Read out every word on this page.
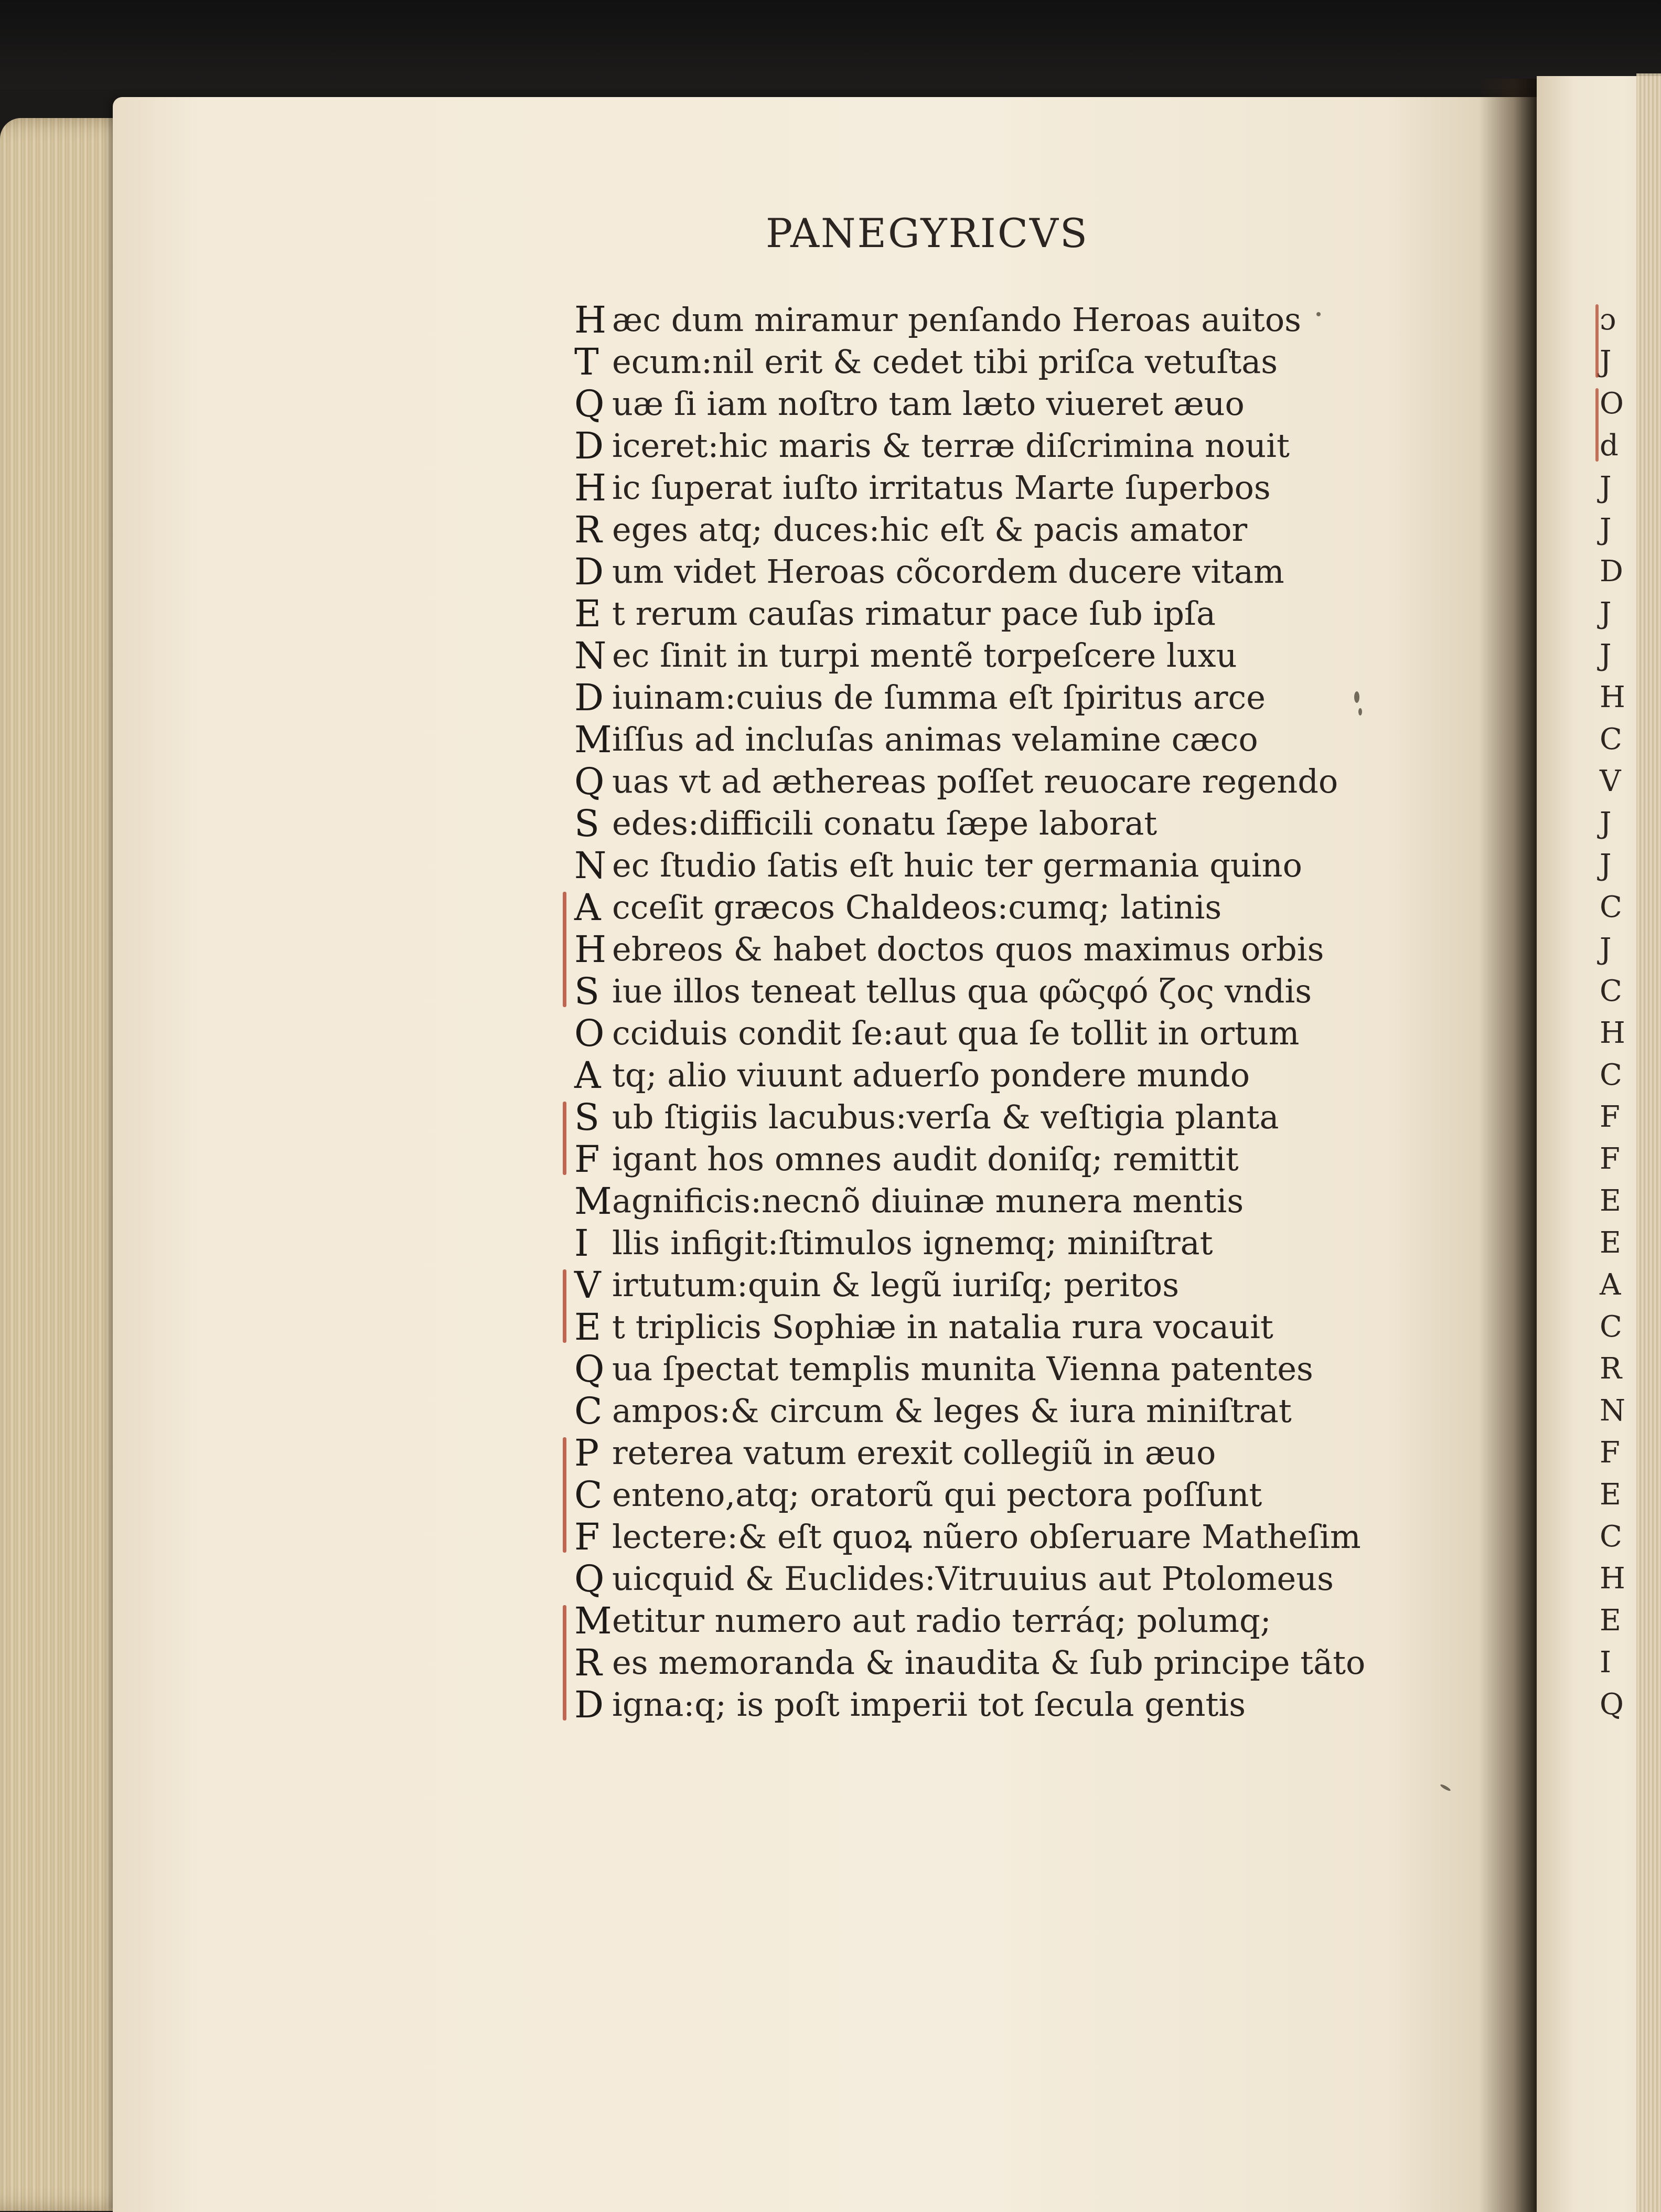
PANEGYRICVS
H æc dum miramur penſando Heroas auitos
T ecum:nil erit & cedet tibi priſca vetuſtas
Q uæ ſi iam noſtro tam læto viueret æuo
D iceret:hic maris & terræ diſcrimina nouit
H ic ſuperat iuſto irritatus Marte ſuperbos
R eges atq; duces:hic eſt & pacis amator
D um videt Heroas cõcordem ducere vitam
E t rerum cauſas rimatur pace ſub ipſa
N ec ſinit in turpi mentẽ torpeſcere luxu
D iuinam:cuius de ſumma eſt ſpiritus arce
M iſſus ad incluſas animas velamine cæco
Q uas vt ad æthereas poſſet reuocare regendo
S edes:difficili conatu ſæpe laborat
N ec ſtudio ſatis eſt huic ter germania quino
A cceſit græcos Chaldeos:cumq; latinis
H ebreos & habet doctos quos maximus orbis
S iue illos teneat tellus qua φῶςφό ζος vndis
O cciduis condit ſe:aut qua ſe tollit in ortum
A tq; alio viuunt aduerſo pondere mundo
S ub ſtigiis lacubus:verſa & veſtigia planta
F igant hos omnes audit doniſq; remittit
M agnificis:necnõ diuinæ munera mentis
I llis infigit:ſtimulos ignemq; miniſtrat
V irtutum:quin & legũ iuriſq; peritos
E t triplicis Sophiæ in natalia rura vocauit
Q ua ſpectat templis munita Vienna patentes
C ampos:& circum & leges & iura miniſtrat
P reterea vatum erexit collegiũ in æuo
C enteno,atq; oratorũ qui pectora poſſunt
F lectere:& eſt quoꝝ nũero obſeruare Matheſim
Q uicquid & Euclides:Vitruuius aut Ptolomeus
M etitur numero aut radio terráq; polumq;
R es memoranda & inaudita & ſub principe tãto
D igna:q; is poſt imperii tot ſecula gentis
ɔ
J
O
d
J
J
D
J
J
H
C
V
J
J
C
J
C
H
C
F
F
E
E
A
C
R
N
F
E
C
H
E
I
Q
